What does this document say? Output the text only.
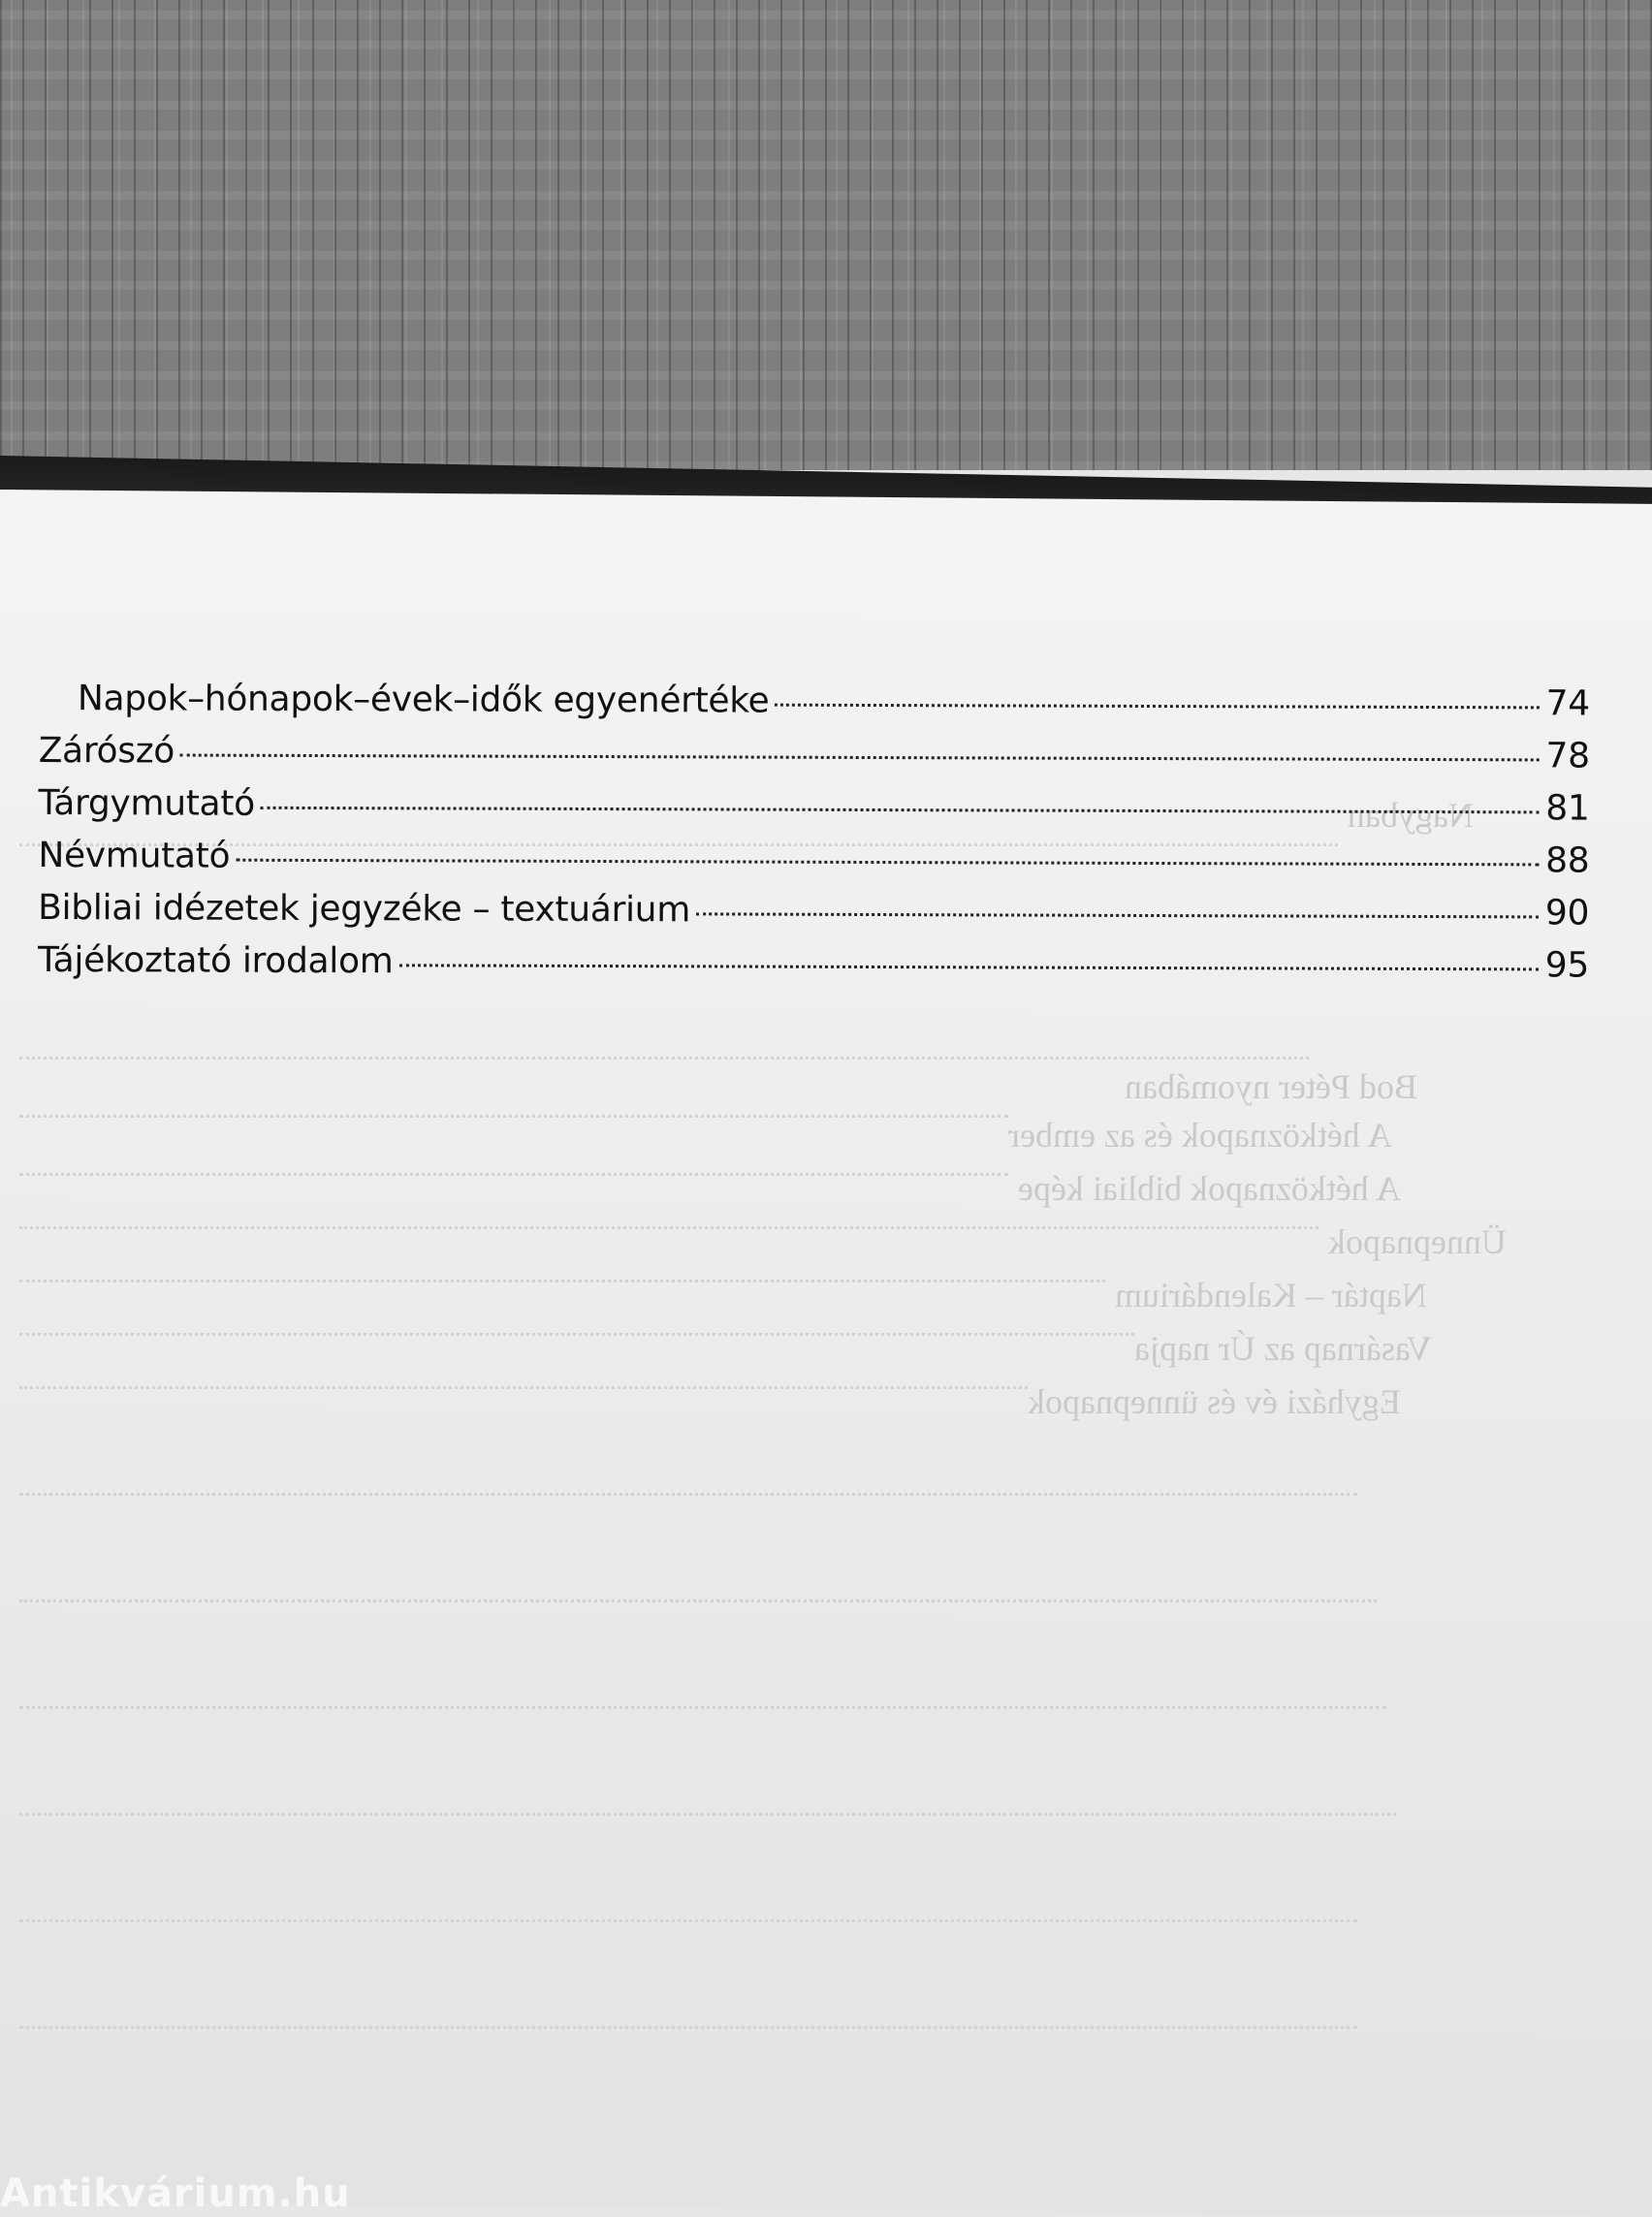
Nagyban
Bod Péter nyomában
A hétköznapok és az ember
A hétköznapok bibliai képe
Ünnepnapok
Naptár – Kalendárium
Vasárnap az Úr napja
Egyházi év és ünnepnapok
Napok–hónapok–évek–idők egyenértéke	74
Zárószó	78
Tárgymutató	81
Névmutató	88
Bibliai idézetek jegyzéke – textuárium	90
Tájékoztató irodalom	95
Antikvárium.hu
